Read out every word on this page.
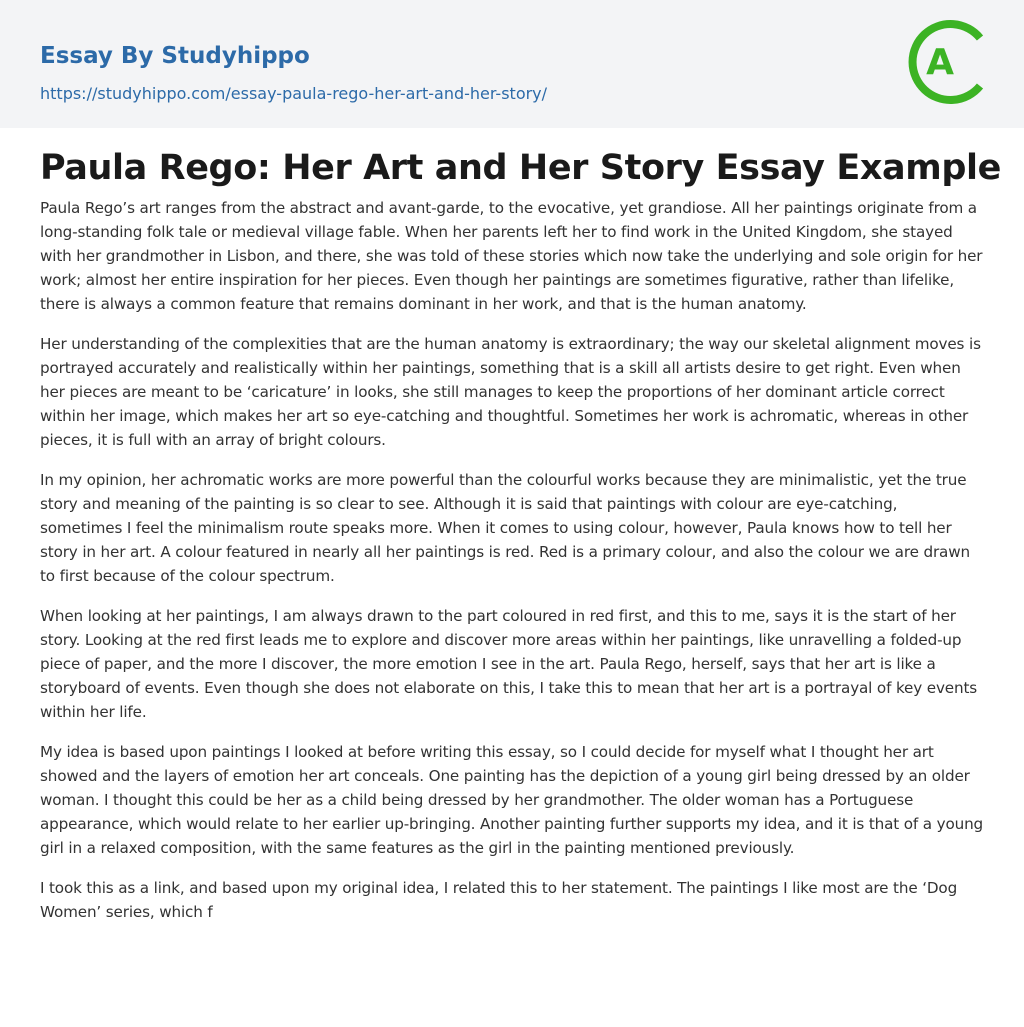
Essay By Studyhippo
https://studyhippo.com/essay-paula-rego-her-art-and-her-story/
A
Paula Rego: Her Art and Her Story Essay Example

Paula Rego’s art ranges from the abstract and avant-garde, to the evocative, yet grandiose. All her paintings originate from a long-standing folk tale or medieval village fable. When her parents left her to find work in the United Kingdom, she stayed with her grandmother in Lisbon, and there, she was told of these stories which now take the underlying and sole origin for her work; almost her entire inspiration for her pieces. Even though her paintings are sometimes figurative, rather than lifelike, there is always a common feature that remains dominant in her work, and that is the human anatomy.

Her understanding of the complexities that are the human anatomy is extraordinary; the way our skeletal alignment moves is portrayed accurately and realistically within her paintings, something that is a skill all artists desire to get right. Even when her pieces are meant to be ‘caricature’ in looks, she still manages to keep the proportions of her dominant article correct within her image, which makes her art so eye-catching and thoughtful. Sometimes her work is achromatic, whereas in other pieces, it is full with an array of bright colours.

In my opinion, her achromatic works are more powerful than the colourful works because they are minimalistic, yet the true story and meaning of the painting is so clear to see. Although it is said that paintings with colour are eye-catching, sometimes I feel the minimalism route speaks more. When it comes to using colour, however, Paula knows how to tell her story in her art. A colour featured in nearly all her paintings is red. Red is a primary colour, and also the colour we are drawn to first because of the colour spectrum.

When looking at her paintings, I am always drawn to the part coloured in red first, and this to me, says it is the start of her story. Looking at the red first leads me to explore and discover more areas within her paintings, like unravelling a folded-up piece of paper, and the more I discover, the more emotion I see in the art. Paula Rego, herself, says that her art is like a storyboard of events. Even though she does not elaborate on this, I take this to mean that her art is a portrayal of key events within her life.

My idea is based upon paintings I looked at before writing this essay, so I could decide for myself what I thought her art showed and the layers of emotion her art conceals. One painting has the depiction of a young girl being dressed by an older woman. I thought this could be her as a child being dressed by her grandmother. The older woman has a Portuguese appearance, which would relate to her earlier up-bringing. Another painting further supports my idea, and it is that of a young girl in a relaxed composition, with the same features as the girl in the painting mentioned previously.

I took this as a link, and based upon my original idea, I related this to her statement. The paintings I like most are the ‘Dog Women’ series, which f
